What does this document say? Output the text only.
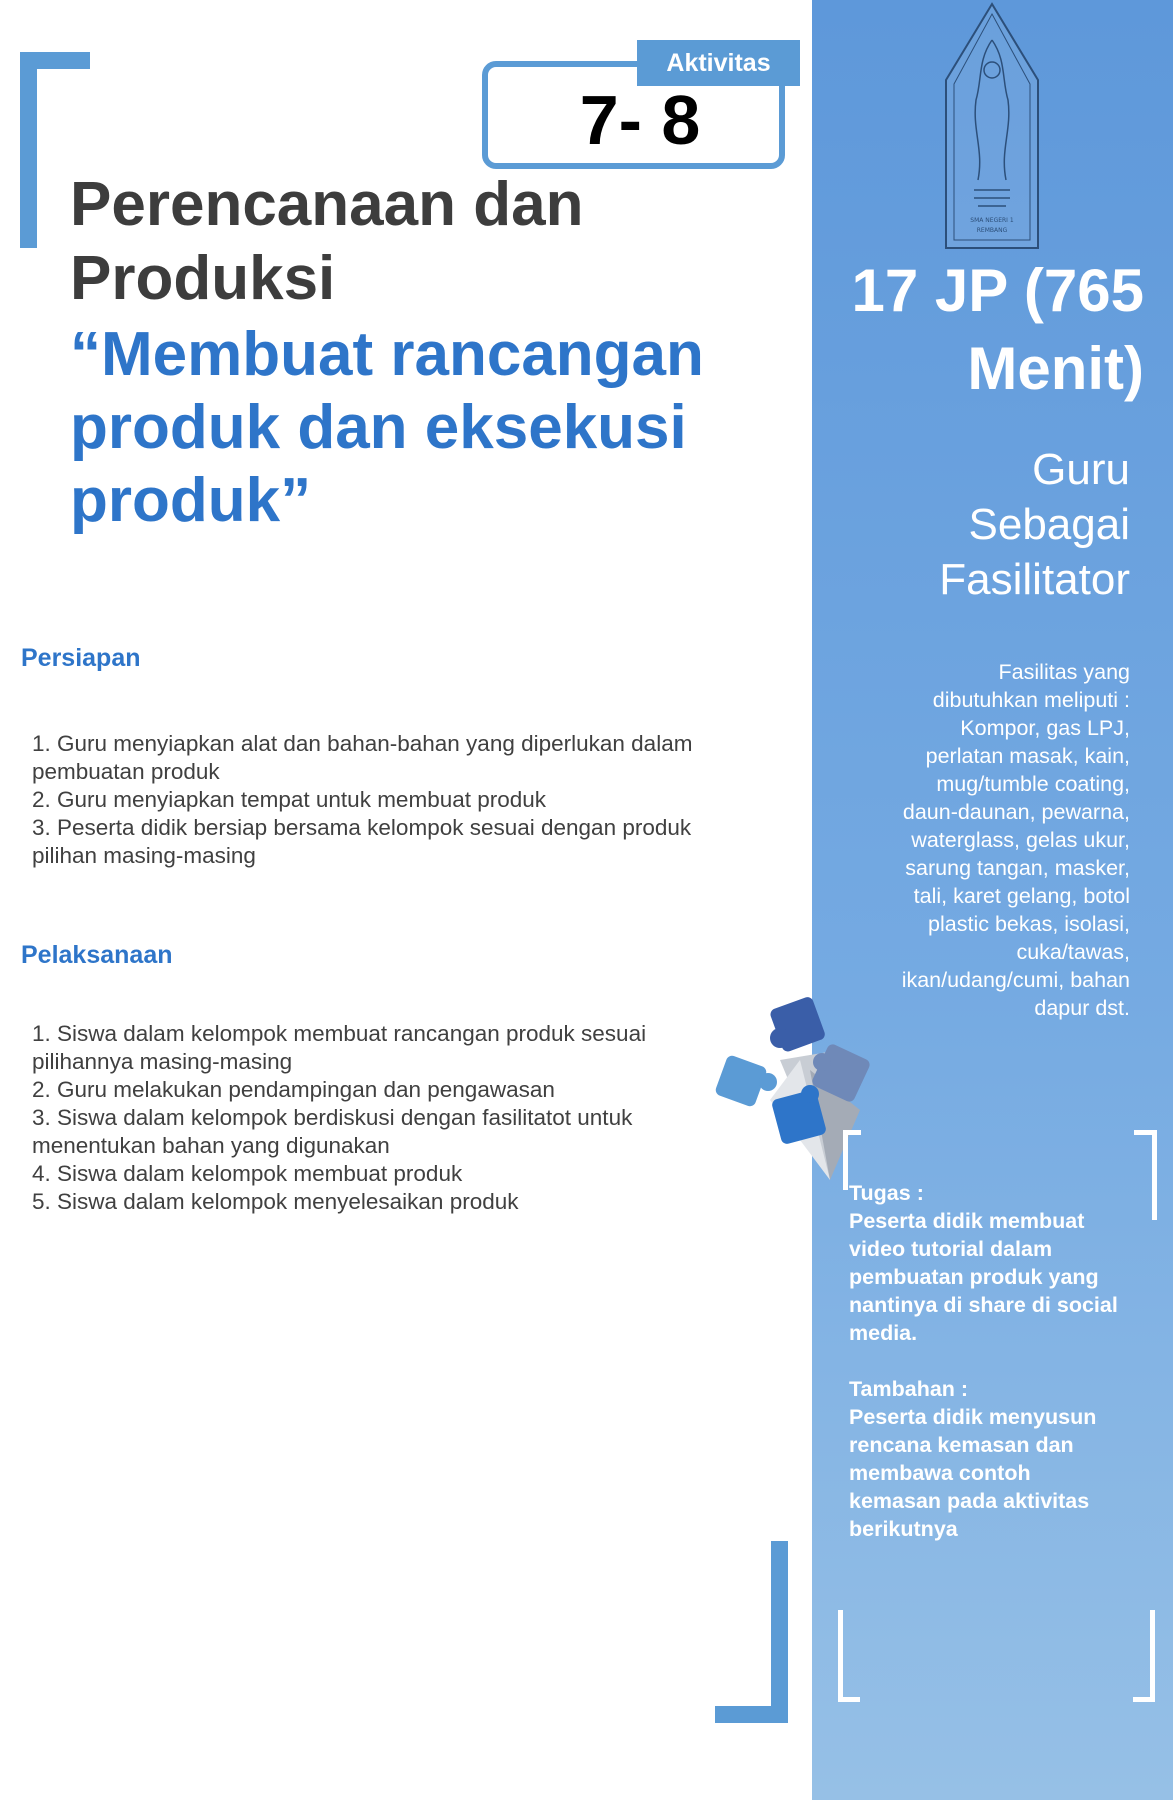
Aktivitas
7- 8
Perencanaan dan
Produksi
“Membuat rancangan
produk dan eksekusi
produk”
Persiapan
1. Guru menyiapkan alat dan bahan-bahan yang diperlukan dalam
pembuatan produk
2. Guru menyiapkan tempat untuk membuat produk
3. Peserta didik bersiap bersama kelompok sesuai dengan produk
pilihan masing-masing
Pelaksanaan
1. Siswa dalam kelompok membuat rancangan produk sesuai
pilihannya masing-masing
2. Guru melakukan pendampingan dan pengawasan
3. Siswa dalam kelompok berdiskusi dengan fasilitatot untuk
menentukan bahan yang digunakan
4. Siswa dalam kelompok membuat produk
5. Siswa dalam kelompok menyelesaikan produk
SMA NEGERI 1
REMBANG
17 JP (765
Menit)
Guru
Sebagai
Fasilitator
Fasilitas yang
dibutuhkan meliputi :
Kompor, gas LPJ,
perlatan masak, kain,
mug/tumble coating,
daun-daunan, pewarna,
waterglass, gelas ukur,
sarung tangan, masker,
tali, karet gelang, botol
plastic bekas, isolasi,
cuka/tawas,
ikan/udang/cumi, bahan
dapur dst.

Tugas :

Peserta didik membuat

video tutorial dalam

pembuatan produk yang

nantinya di share di social

media.

Tambahan :

Peserta didik menyusun

rencana kemasan dan

membawa contoh

kemasan pada aktivitas

berikutnya
